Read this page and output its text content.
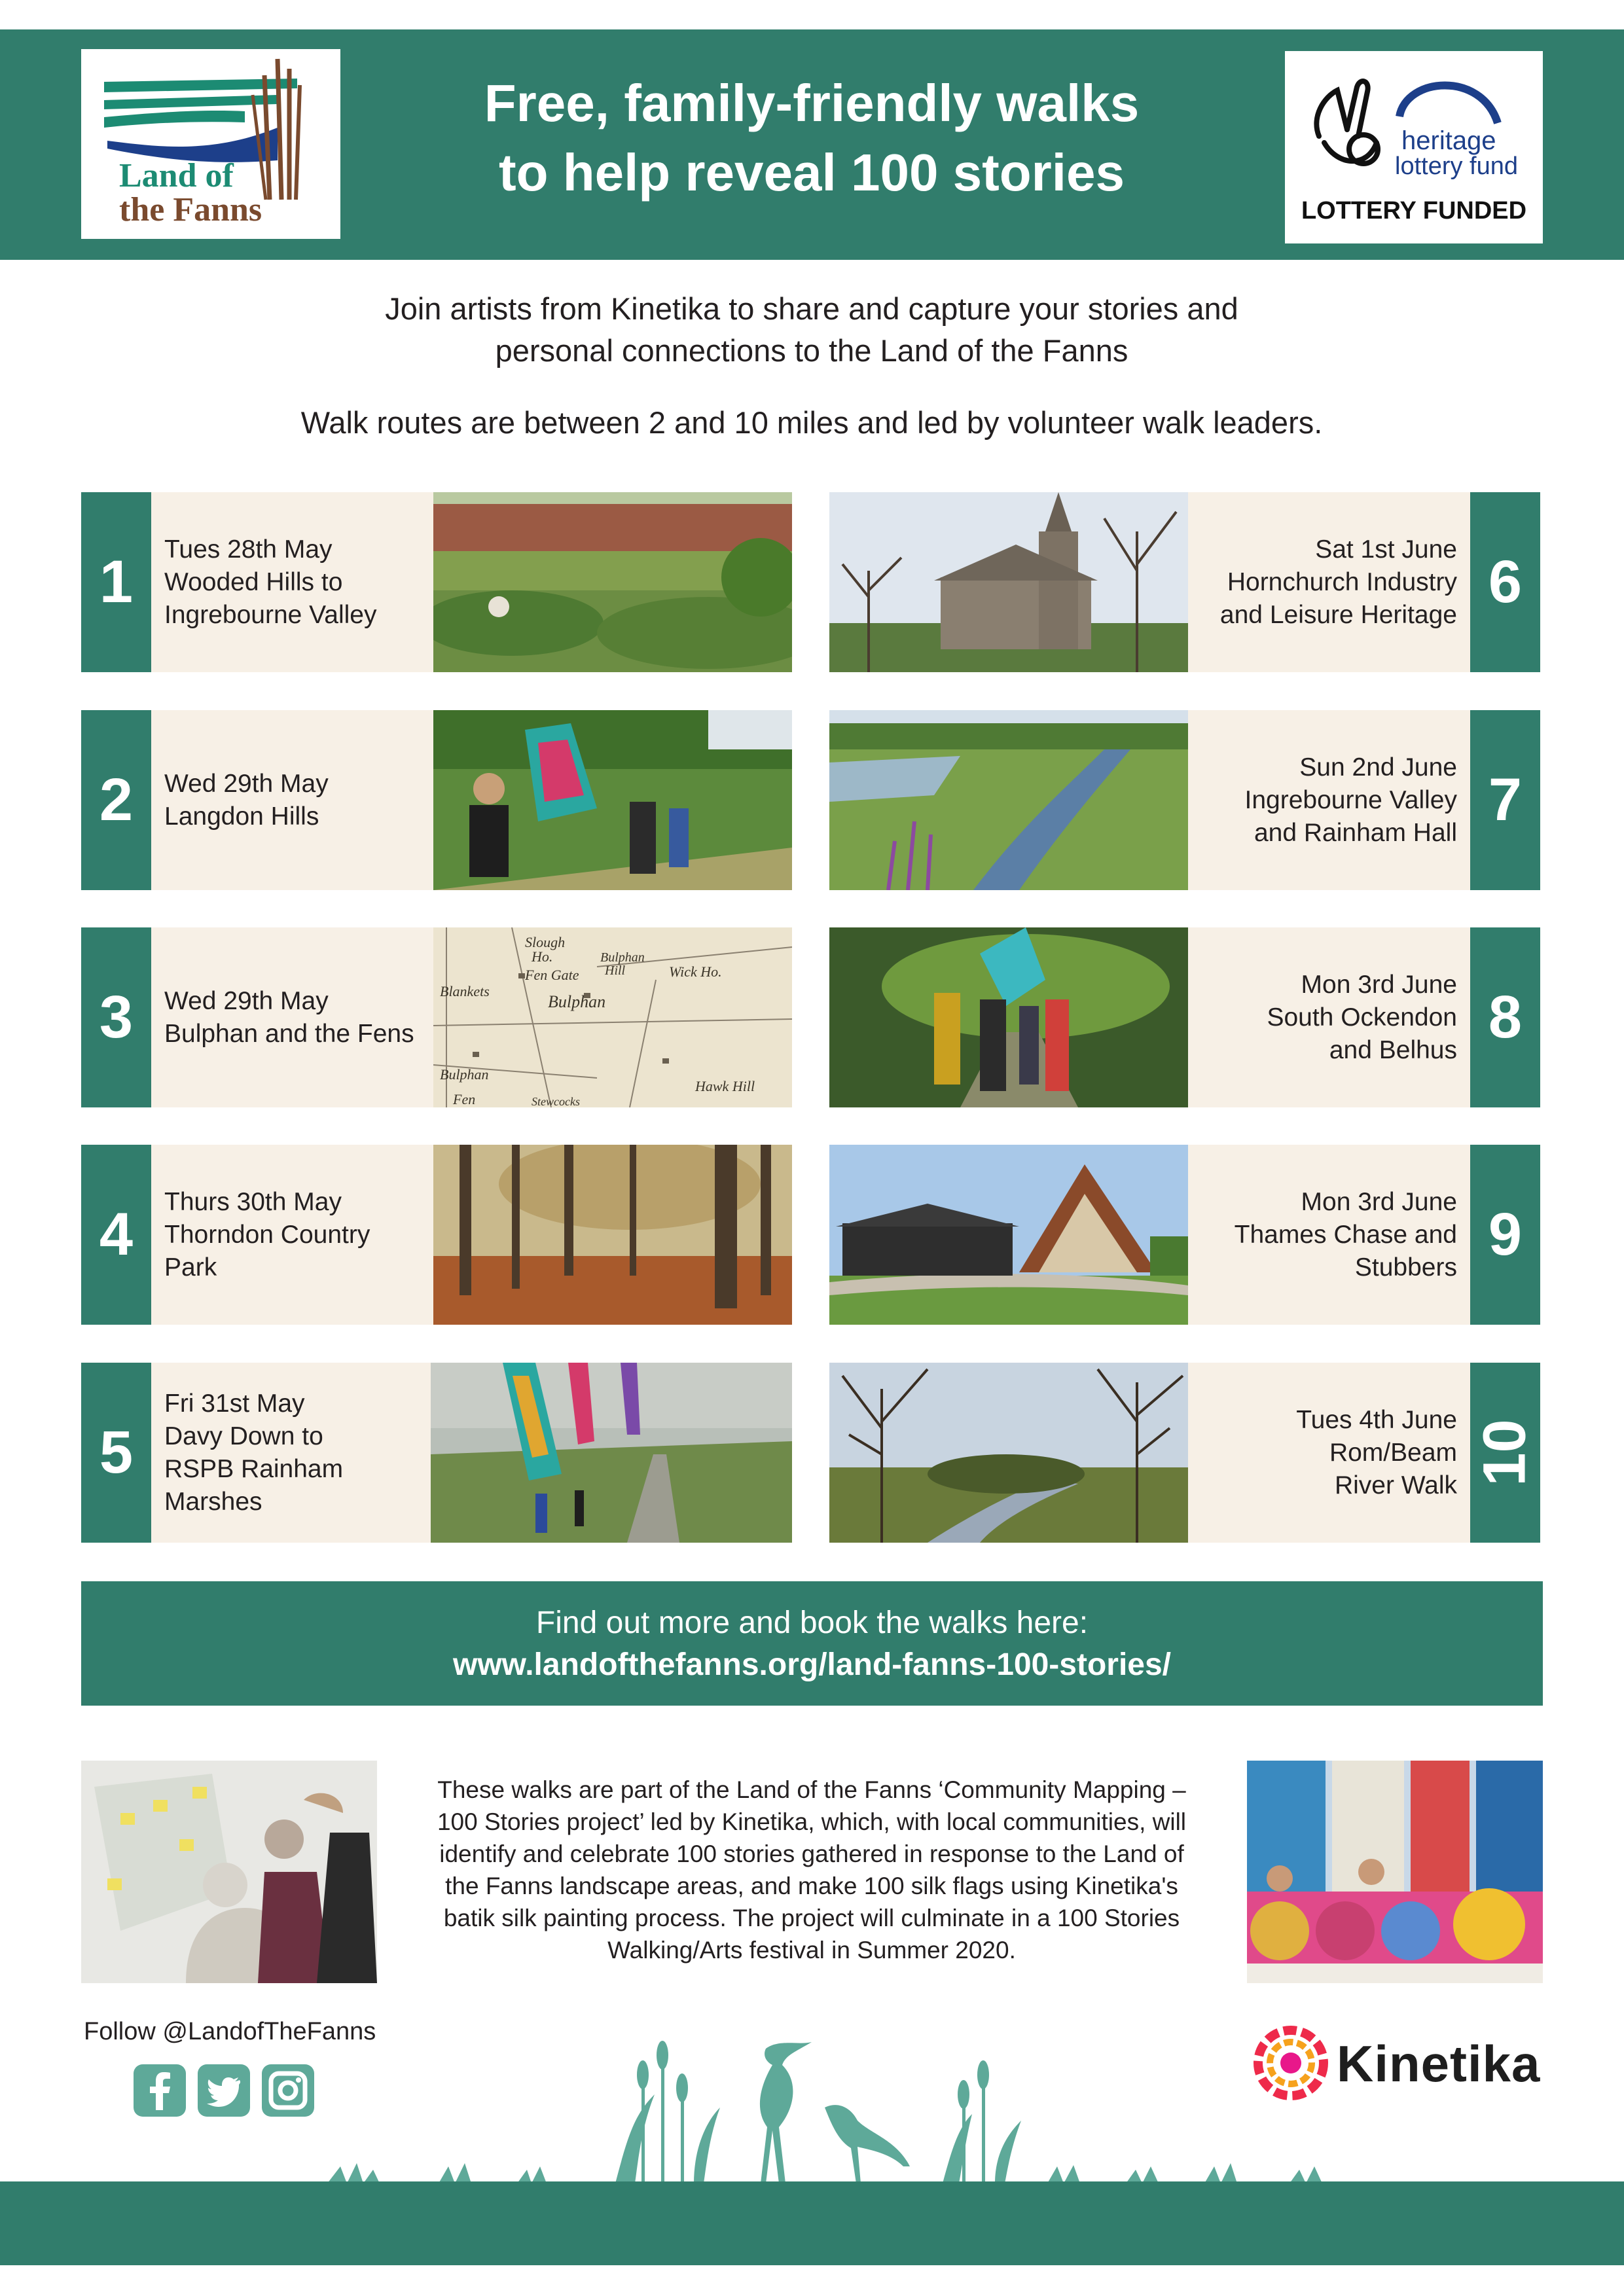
Land of
the Fanns
Free, family-friendly walks
to help reveal 100 stories
heritage
lottery fund
LOTTERY FUNDED
Join artists from Kinetika to share and capture your stories and
personal connections to the Land of the Fanns
Walk routes are between 2 and 10 miles and led by volunteer walk leaders.
1 Tues 28th May
Wooded Hills to
Ingrebourne Valley
2 Wed 29th May
Langdon Hills
3 Wed 29th May
Bulphan and the Fens
Slough
Ho.
Fen Gate
Bulphan
Hill	Wick Ho.
Blankets
Bulphan
Bulphan
Fen	Stewcocks
Hawk Hill
4 Thurs 30th May
Thorndon Country
Park
5
Fri 31st May
Davy Down to
RSPB Rainham Marshes
Sat 1st June
Hornchurch Industry
and Leisure Heritage 6
Sun 2nd June
Ingrebourne Valley
and Rainham Hall 7
Mon 3rd June
South Ockendon
and Belhus 8
Mon 3rd June
Thames Chase and
Stubbers 9
Tues 4th June
Rom/Beam
River Walk 10
Find out more and book the walks here:
www.landofthefanns.org/land-fanns-100-stories/
These walks are part of the Land of the Fanns ‘Community Mapping –
100 Stories project’ led by Kinetika, which, with local communities, will
identify and celebrate 100 stories gathered in response to the Land of
the Fanns landscape areas, and make 100 silk flags using Kinetika's
batik silk painting process. The project will culminate in a 100 Stories
Walking/Arts festival in Summer 2020.
Follow @LandofTheFanns
Kinetika
